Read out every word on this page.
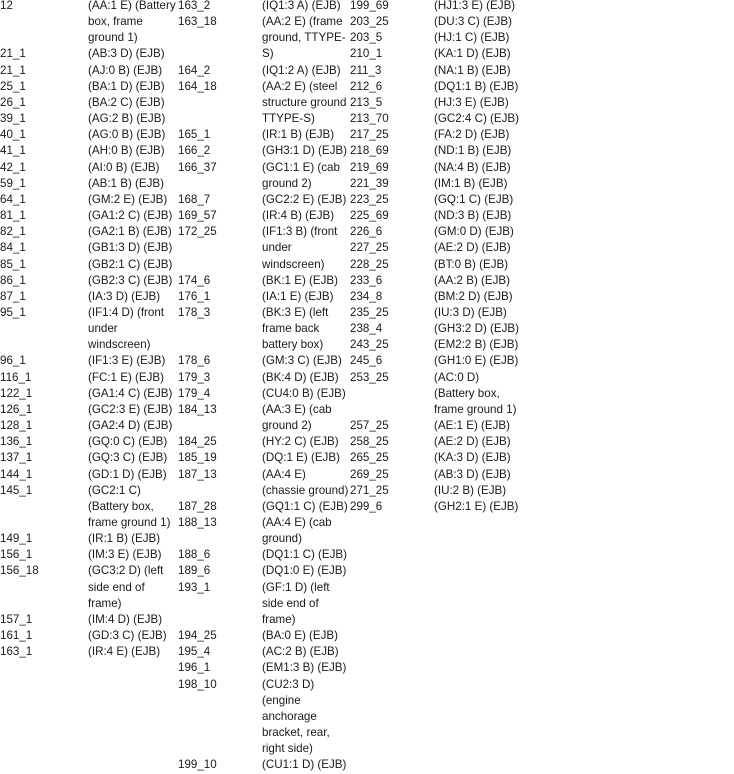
12	(AA:1 E) (Battery box, frame ground 1)
21_1	(AB:3 D) (EJB)
21_1	(AJ:0 B) (EJB)
25_1	(BA:1 D) (EJB)
26_1	(BA:2 C) (EJB)
39_1	(AG:2 B) (EJB)
40_1	(AG:0 B) (EJB)
41_1	(AH:0 B) (EJB)
42_1	(AI:0 B) (EJB)
59_1	(AB:1 B) (EJB)
64_1	(GM:2 E) (EJB)
81_1	(GA1:2 C) (EJB)
82_1	(GA2:1 B) (EJB)
84_1	(GB1:3 D) (EJB)
85_1	(GB2:1 C) (EJB)
86_1	(GB2:3 C) (EJB)
87_1	(IA:3 D) (EJB)
95_1	(IF1:4 D) (front under windscreen)
96_1	(IF1:3 E) (EJB)
116_1	(FC:1 E) (EJB)
122_1	(GA1:4 C) (EJB)
126_1	(GC2:3 E) (EJB)
128_1	(GA2:4 D) (EJB)
136_1	(GQ:0 C) (EJB)
137_1	(GQ:3 C) (EJB)
144_1	(GD:1 D) (EJB)
145_1	(GC2:1 C) (Battery box, frame ground 1)
149_1	(IR:1 B) (EJB)
156_1	(IM:3 E) (EJB)
156_18	(GC3:2 D) (left side end of frame)
157_1	(IM:4 D) (EJB)
161_1	(GD:3 C) (EJB)
163_1	(IR:4 E) (EJB)
163_2	(IQ1:3 A) (EJB)
163_18	(AA:2 E) (frame ground, TTYPE-S)
164_2	(IQ1:2 A) (EJB)
164_18	(AA:2 E) (steel structure ground TTYPE-S)
165_1	(IR:1 B) (EJB)
166_2	(GH3:1 D) (EJB)
166_37	(GC1:1 E) (cab ground 2)
168_7	(GC2:2 E) (EJB)
169_57	(IR:4 B) (EJB)
172_25	(IF1:3 B) (front under windscreen)
174_6	(BK:1 E) (EJB)
176_1	(IA:1 E) (EJB)
178_3	(BK:3 E) (left frame back battery box)
178_6	(GM:3 C) (EJB)
179_3	(BK:4 D) (EJB)
179_4	(CU4:0 B) (EJB)
184_13	(AA:3 E) (cab ground 2)
184_25	(HY:2 C) (EJB)
185_19	(DQ:1 E) (EJB)
187_13	(AA:4 E) (chassie ground)
187_28	(GQ1:1 C) (EJB)
188_13	(AA:4 E) (cab ground)
188_6	(DQ1:1 C) (EJB)
189_6	(DQ1:0 E) (EJB)
193_1	(GF:1 D) (left side end of frame)
194_25	(BA:0 E) (EJB)
195_4	(AC:2 B) (EJB)
196_1	(EM1:3 B) (EJB)
198_10	(CU2:3 D) (engine anchorage bracket, rear, right side)
199_10	(CU1:1 D) (EJB)
199_69	(HJ1:3 E) (EJB)
203_25	(DU:3 C) (EJB)
203_5	(HJ:1 C) (EJB)
210_1	(KA:1 D) (EJB)
211_3	(NA:1 B) (EJB)
212_6	(DQ1:1 B) (EJB)
213_5	(HJ:3 E) (EJB)
213_70	(GC2:4 C) (EJB)
217_25	(FA:2 D) (EJB)
218_69	(ND:1 B) (EJB)
219_69	(NA:4 B) (EJB)
221_39	(IM:1 B) (EJB)
223_25	(GQ:1 C) (EJB)
225_69	(ND:3 B) (EJB)
226_6	(GM:0 D) (EJB)
227_25	(AE:2 D) (EJB)
228_25	(BT:0 B) (EJB)
233_6	(AA:2 B) (EJB)
234_8	(BM:2 D) (EJB)
235_25	(IU:3 D) (EJB)
238_4	(GH3:2 D) (EJB)
243_25	(EM2:2 B) (EJB)
245_6	(GH1:0 E) (EJB)
253_25	(AC:0 D) (Battery box, frame ground 1)
257_25	(AE:1 E) (EJB)
258_25	(AE:2 D) (EJB)
265_25	(KA:3 D) (EJB)
269_25	(AB:3 D) (EJB)
271_25	(IU:2 B) (EJB)
299_6	(GH2:1 E) (EJB)
